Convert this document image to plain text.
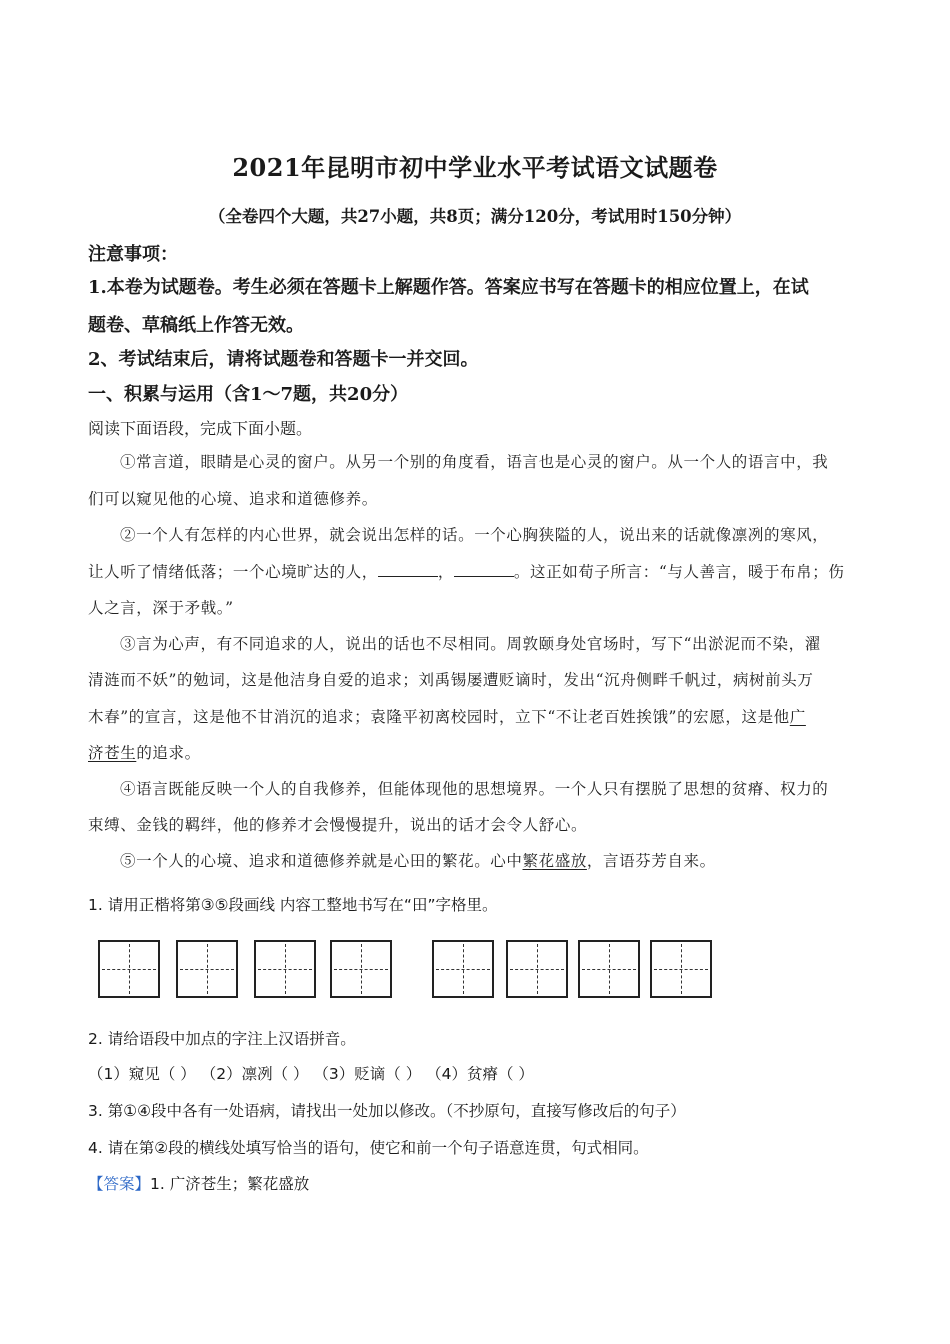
2021年昆明市初中学业水平考试语文试题卷
（全卷四个大题，共27小题，共8页；满分120分，考试用时150分钟）
注意事项：
1.本卷为试题卷。考生必须在答题卡上解题作答。答案应书写在答题卡的相应位置上，在试
题卷、草稿纸上作答无效。
2、考试结束后，请将试题卷和答题卡一并交回。
一、积累与运用（含1～7题，共20分）
阅读下面语段，完成下面小题。
①常言道，眼睛是心灵的窗户。从另一个别的角度看，语言也是心灵的窗户。从一个人的语言中，我
们可以窥见他的心境、追求和道德修养。
②一个人有怎样的内心世界，就会说出怎样的话。一个心胸狭隘的人，说出来的话就像凛冽的寒风，
让人听了情绪低落；一个心境旷达的人，	，	。这正如荀子所言：“与人善言，暖于布帛；伤
人之言，深于矛戟。”
③言为心声，有不同追求的人，说出的话也不尽相同。周敦颐身处官场时，写下“出淤泥而不染，濯
清涟而不妖”的勉词，这是他洁身自爱的追求；刘禹锡屡遭贬谪时，发出“沉舟侧畔千帆过，病树前头万
木春”的宣言，这是他不甘消沉的追求；袁隆平初离校园时，立下“不让老百姓挨饿”的宏愿，这是他广
济苍生的追求。
④语言既能反映一个人的自我修养，但能体现他的思想境界。一个人只有摆脱了思想的贫瘠、权力的
束缚、金钱的羁绊，他的修养才会慢慢提升，说出的话才会令人舒心。
⑤一个人的心境、追求和道德修养就是心田的繁花。心中繁花盛放，言语芬芳自来。
1. 请用正楷将第③⑤段画线 内容工整地书写在“田”字格里。
2. 请给语段中加点的字注上汉语拼音。
（1）窥见（ ） （2）凛冽（ ） （3）贬谪（ ） （4）贫瘠（ ）
3. 第①④段中各有一处语病，请找出一处加以修改。（不抄原句，直接写修改后的句子）
4. 请在第②段的横线处填写恰当的语句，使它和前一个句子语意连贯，句式相同。
【答案】1. 广济苍生；繁花盛放
